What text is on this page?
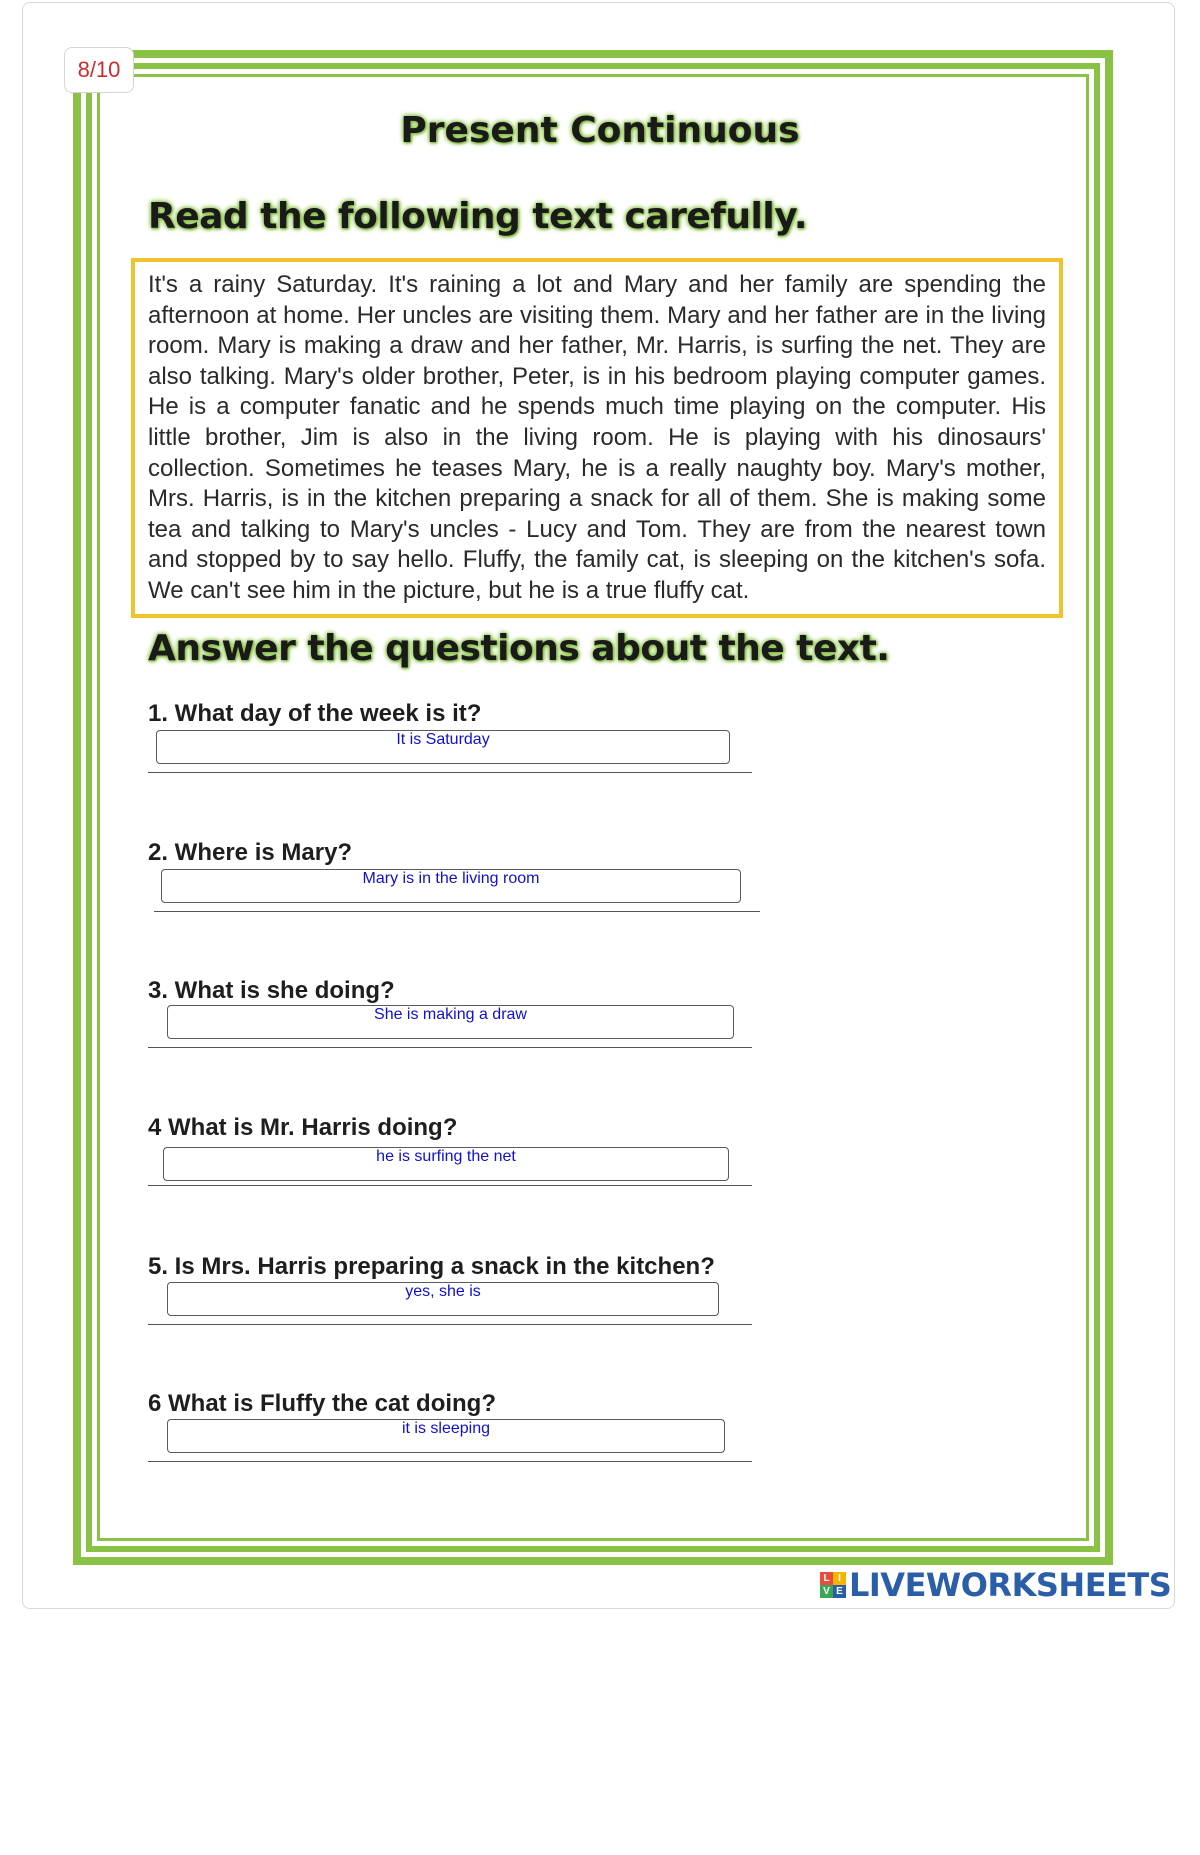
8/10
Present Continuous
Read the following text carefully.
It's a rainy Saturday. It's raining a lot and Mary and her family are spending the afternoon at home. Her uncles are visiting them. Mary and her father are in the living room. Mary is making a draw and her father, Mr. Harris, is surfing the net. They are also talking. Mary's older brother, Peter, is in his bedroom playing computer games. He is a computer fanatic and he spends much time playing on the computer. His little brother, Jim is also in the living room. He is playing with his dinosaurs' collection. Sometimes he teases Mary, he is a really naughty boy. Mary's mother, Mrs. Harris, is in the kitchen preparing a snack for all of them. She is making some tea and talking to Mary's uncles - Lucy and Tom. They are from the nearest town and stopped by to say hello. Fluffy, the family cat, is sleeping on the kitchen's sofa. We can't see him in the picture, but he is a true fluffy cat.
Answer the questions about the text.
1. What day of the week is it?
It is Saturday
2. Where is Mary?
Mary is in the living room
3. What is she doing?
She is making a draw
4 What is Mr. Harris doing?
he is surfing the net
5. Is Mrs. Harris preparing a snack in the kitchen?
yes, she is
6 What is Fluffy the cat doing?
it is sleeping
L I
V E LIVEWORKSHEETS
